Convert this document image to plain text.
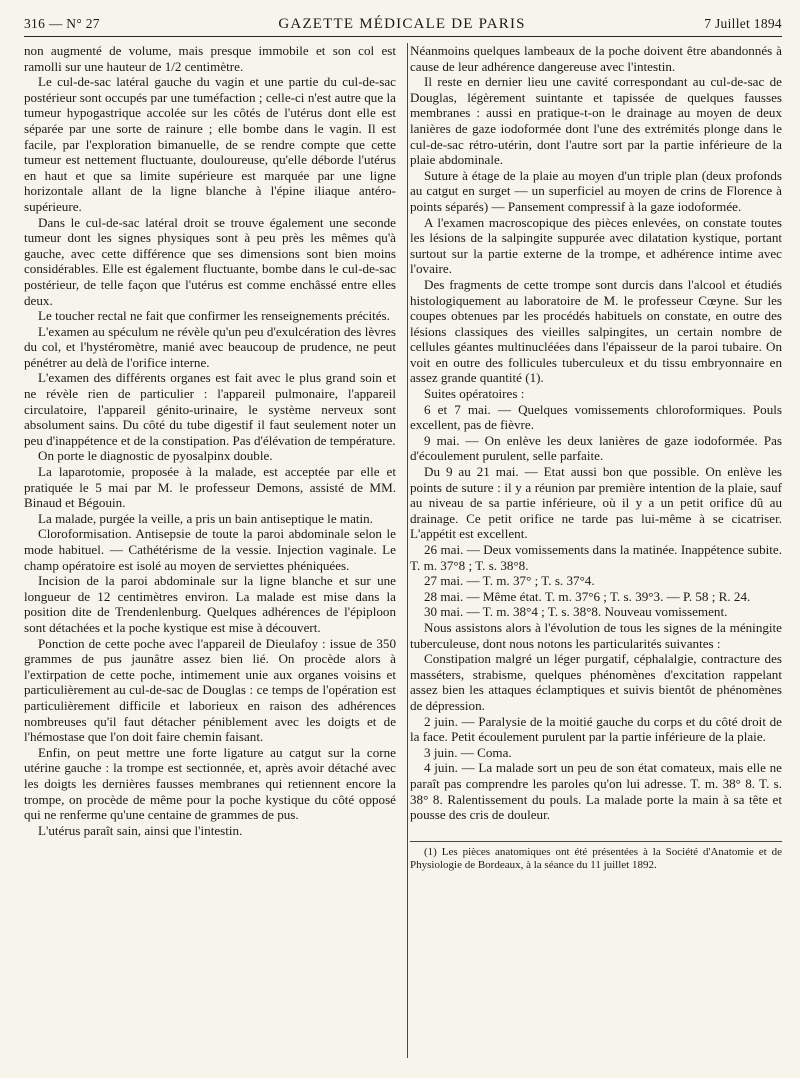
316 — N° 27	GAZETTE MÉDICALE DE PARIS	7 Juillet 1894

non augmenté de volume, mais presque immobile et son col est ramolli sur une hauteur de 1/2 centimètre.

Le cul-de-sac latéral gauche du vagin et une partie du cul-de-sac postérieur sont occupés par une tuméfaction ; celle-ci n'est autre que la tumeur hypogastrique accolée sur les côtés de l'utérus dont elle est séparée par une sorte de rainure ; elle bombe dans le vagin. Il est facile, par l'exploration bimanuelle, de se rendre compte que cette tumeur est nettement fluctuante, douloureuse, qu'elle déborde l'utérus en haut et que sa limite supérieure est marquée par une ligne horizontale allant de la ligne blanche à l'épine iliaque antéro-supérieure.

Dans le cul-de-sac latéral droit se trouve également une seconde tumeur dont les signes physiques sont à peu près les mêmes qu'à gauche, avec cette différence que ses dimensions sont bien moins considérables. Elle est également fluctuante, bombe dans le cul-de-sac postérieur, de telle façon que l'utérus est comme enchâssé entre elles deux.

Le toucher rectal ne fait que confirmer les renseignements précités.

L'examen au spéculum ne révèle qu'un peu d'exulcération des lèvres du col, et l'hystéromètre, manié avec beaucoup de prudence, ne peut pénétrer au delà de l'orifice interne.

L'examen des différents organes est fait avec le plus grand soin et ne révèle rien de particulier : l'appareil pulmonaire, l'appareil circulatoire, l'appareil génito-urinaire, le système nerveux sont absolument sains. Du côté du tube digestif il faut seulement noter un peu d'inappétence et de la constipation. Pas d'élévation de température.

On porte le diagnostic de pyosalpinx double.

La laparotomie, proposée à la malade, est acceptée par elle et pratiquée le 5 mai par M. le professeur Demons, assisté de MM. Binaud et Bégouin.

La malade, purgée la veille, a pris un bain antiseptique le matin.

Cloroformisation. Antisepsie de toute la paroi abdominale selon le mode habituel. — Cathétérisme de la vessie. Injection vaginale. Le champ opératoire est isolé au moyen de serviettes phéniquées.

Incision de la paroi abdominale sur la ligne blanche et sur une longueur de 12 centimètres environ. La malade est mise dans la position dite de Trendenlenburg. Quelques adhérences de l'épiploon sont détachées et la poche kystique est mise à découvert.

Ponction de cette poche avec l'appareil de Dieulafoy : issue de 350 grammes de pus jaunâtre assez bien lié. On procède alors à l'extirpation de cette poche, intimement unie aux organes voisins et particulièrement au cul-de-sac de Douglas : ce temps de l'opération est particulièrement difficile et laborieux en raison des adhérences nombreuses qu'il faut détacher péniblement avec les doigts et de l'hémostase que l'on doit faire chemin faisant.

Enfin, on peut mettre une forte ligature au catgut sur la corne utérine gauche : la trompe est sectionnée, et, après avoir détaché avec les doigts les dernières fausses membranes qui retiennent encore la trompe, on procède de même pour la poche kystique du côté opposé qui ne renferme qu'une centaine de grammes de pus.

L'utérus paraît sain, ainsi que l'intestin.

Néanmoins quelques lambeaux de la poche doivent être abandonnés à cause de leur adhérence dangereuse avec l'intestin.

Il reste en dernier lieu une cavité correspondant au cul-de-sac de Douglas, légèrement suintante et tapissée de quelques fausses membranes : aussi en pratique-t-on le drainage au moyen de deux lanières de gaze iodoformée dont l'une des extrémités plonge dans le cul-de-sac rétro-utérin, dont l'autre sort par la partie inférieure de la plaie abdominale.

Suture à étage de la plaie au moyen d'un triple plan (deux profonds au catgut en surget — un superficiel au moyen de crins de Florence à points séparés) — Pansement compressif à la gaze iodoformée.

A l'examen macroscopique des pièces enlevées, on constate toutes les lésions de la salpingite suppurée avec dilatation kystique, portant surtout sur la partie externe de la trompe, et adhérence intime avec l'ovaire.

Des fragments de cette trompe sont durcis dans l'alcool et étudiés histologiquement au laboratoire de M. le professeur Cœyne. Sur les coupes obtenues par les procédés habituels on constate, en outre des lésions classiques des vieilles salpingites, un certain nombre de cellules géantes multinucléées dans l'épaisseur de la paroi tubaire. On voit en outre des follicules tuberculeux et du tissu embryonnaire en assez grande quantité (1).

Suites opératoires :

6 et 7 mai. — Quelques vomissements chloroformiques. Pouls excellent, pas de fièvre.

9 mai. — On enlève les deux lanières de gaze iodoformée. Pas d'écoulement purulent, selle parfaite.

Du 9 au 21 mai. — Etat aussi bon que possible. On enlève les points de suture : il y a réunion par première intention de la plaie, sauf au niveau de sa partie inférieure, où il y a un petit orifice dû au drainage. Ce petit orifice ne tarde pas lui-même à se cicatriser. L'appétit est excellent.

26 mai. — Deux vomissements dans la matinée. Inappétence subite. T. m. 37°8 ; T. s. 38°8.

27 mai. — T. m. 37° ; T. s. 37°4.

28 mai. — Même état. T. m. 37°6 ; T. s. 39°3. — P. 58 ; R. 24.

30 mai. — T. m. 38°4 ; T. s. 38°8. Nouveau vomissement.

Nous assistons alors à l'évolution de tous les signes de la méningite tuberculeuse, dont nous notons les particularités suivantes :

Constipation malgré un léger purgatif, céphalalgie, contracture des masséters, strabisme, quelques phénomènes d'excitation rappelant assez bien les attaques éclamptiques et suivis bientôt de phénomènes de dépression.

2 juin. — Paralysie de la moitié gauche du corps et du côté droit de la face. Petit écoulement purulent par la partie inférieure de la plaie.

3 juin. — Coma.

4 juin. — La malade sort un peu de son état comateux, mais elle ne paraît pas comprendre les paroles qu'on lui adresse. T. m. 38° 8. T. s. 38° 8. Ralentissement du pouls. La malade porte la main à sa tête et pousse des cris de douleur.

(1) Les pièces anatomiques ont été présentées à la Société d'Anatomie et de Physiologie de Bordeaux, à la séance du 11 juillet 1892.
